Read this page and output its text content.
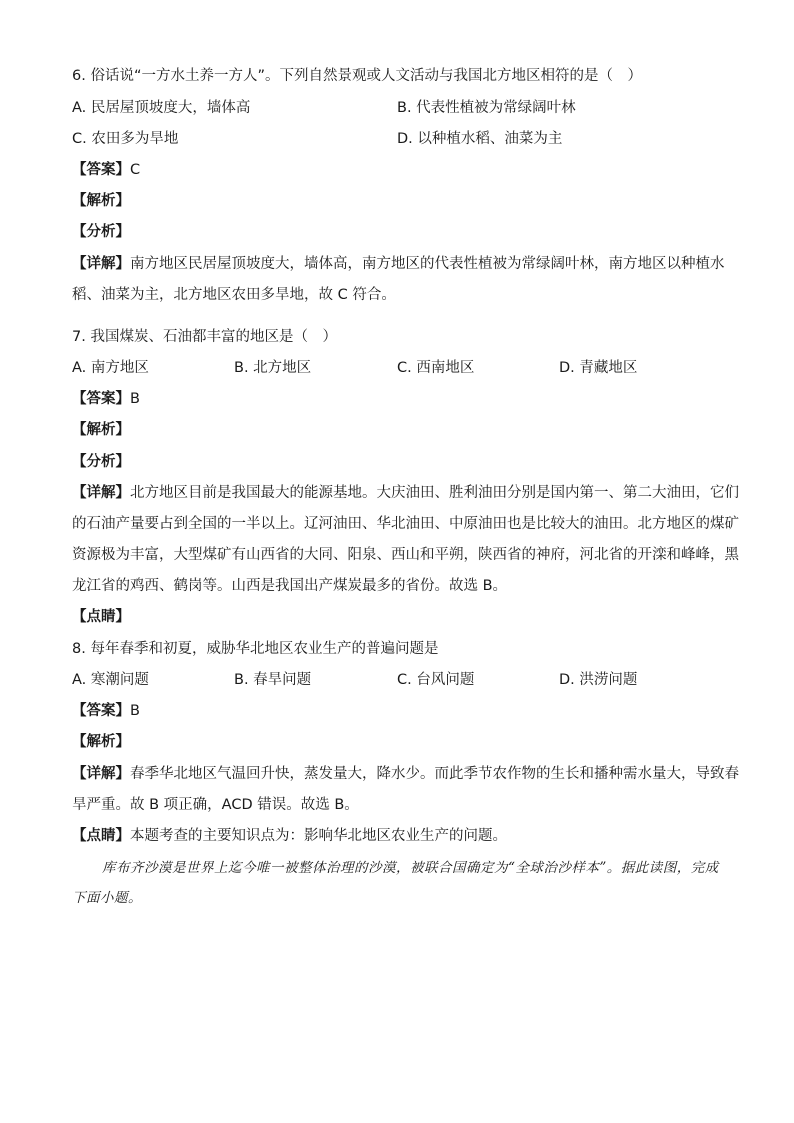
6. 俗话说“一方水土养一方人”。下列自然景观或人文活动与我国北方地区相符的是（　）
A. 民居屋顶坡度大，墙体高	B. 代表性植被为常绿阔叶林
C. 农田多为旱地	D. 以种植水稻、油菜为主
【答案】C
【解析】
【分析】
【详解】南方地区民居屋顶坡度大，墙体高，南方地区的代表性植被为常绿阔叶林，南方地区以种植水
稻、油菜为主，北方地区农田多旱地，故 C 符合。
7. 我国煤炭、石油都丰富的地区是（　）
A. 南方地区	B. 北方地区	C. 西南地区	D. 青藏地区
【答案】B
【解析】
【分析】
【详解】北方地区目前是我国最大的能源基地。大庆油田、胜利油田分别是国内第一、第二大油田，它们
的石油产量要占到全国的一半以上。辽河油田、华北油田、中原油田也是比较大的油田。北方地区的煤矿
资源极为丰富，大型煤矿有山西省的大同、阳泉、西山和平朔，陕西省的神府，河北省的开滦和峰峰，黑
龙江省的鸡西、鹤岗等。山西是我国出产煤炭最多的省份。故选 B。
【点睛】
8. 每年春季和初夏，威胁华北地区农业生产的普遍问题是
A. 寒潮问题	B. 春旱问题	C. 台风问题	D. 洪涝问题
【答案】B
【解析】
【详解】春季华北地区气温回升快，蒸发量大，降水少。而此季节农作物的生长和播种需水量大，导致春
旱严重。故 B 项正确，ACD 错误。故选 B。
【点睛】本题考查的主要知识点为：影响华北地区农业生产的问题。
库布齐沙漠是世界上迄今唯一被整体治理的沙漠，被联合国确定为“全球治沙样本”。据此读图，完成
下面小题。
